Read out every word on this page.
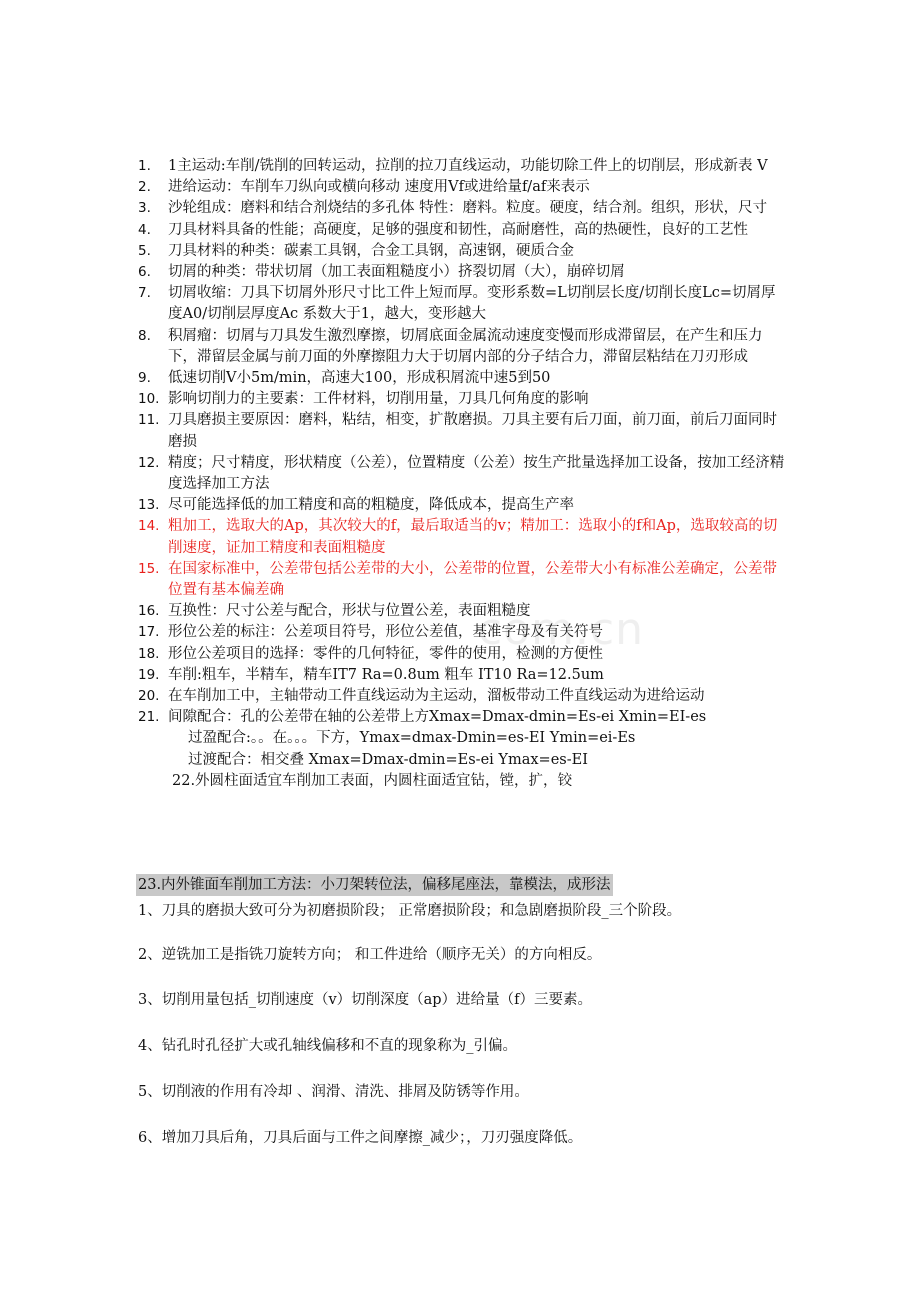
com.cn
1.	1主运动:车削/铣削的回转运动，拉削的拉刀直线运动，功能切除工件上的切削层，形成新表 V
2.	进给运动：车削车刀纵向或横向移动 速度用Vf或进给量f/af来表示
3.	沙轮组成：磨料和结合剂烧结的多孔体 特性：磨料。粒度。硬度，结合剂。组织，形状，尺寸
4.	刀具材料具备的性能；高硬度，足够的强度和韧性，高耐磨性，高的热硬性，良好的工艺性
5.	刀具材料的种类：碳素工具钢，合金工具钢，高速钢，硬质合金
6.	切屑的种类：带状切屑（加工表面粗糙度小）挤裂切屑（大），崩碎切屑
7.	切屑收缩：刀具下切屑外形尺寸比工件上短而厚。变形系数=L切削层长度/切削长度Lc=切屑厚度A0/切削层厚度Ac 系数大于1，越大，变形越大
8.	积屑瘤：切屑与刀具发生激烈摩擦，切屑底面金属流动速度变慢而形成滞留层，在产生和压力下，滞留层金属与前刀面的外摩擦阻力大于切屑内部的分子结合力，滞留层粘结在刀刃形成
9.	低速切削V小5m/min，高速大100，形成积屑流中速5到50
10. 影响切削力的主要素：工件材料，切削用量，刀具几何角度的影响
11. 刀具磨损主要原因：磨料，粘结，相变，扩散磨损。刀具主要有后刀面，前刀面，前后刀面同时磨损
12. 精度；尺寸精度，形状精度（公差），位置精度（公差）按生产批量选择加工设备，按加工经济精度选择加工方法
13. 尽可能选择低的加工精度和高的粗糙度，降低成本，提高生产率
14. 粗加工，选取大的Ap，其次较大的f，最后取适当的v；精加工：选取小的f和Ap，选取较高的切削速度，证加工精度和表面粗糙度
15. 在国家标准中，公差带包括公差带的大小，公差带的位置，公差带大小有标准公差确定，公差带位置有基本偏差确
16. 互换性：尺寸公差与配合，形状与位置公差，表面粗糙度
17. 形位公差的标注：公差项目符号，形位公差值，基准字母及有关符号
18. 形位公差项目的选择：零件的几何特征，零件的使用，检测的方便性
19. 车削:粗车，半精车，精车IT7 Ra=0.8um 粗车 IT10 Ra=12.5um
20. 在车削加工中，主轴带动工件直线运动为主运动，溜板带动工件直线运动为进给运动
21. 间隙配合：孔的公差带在轴的公差带上方Xmax=Dmax-dmin=Es-ei Xmin=EI-es
过盈配合:。。在。。。下方，Ymax=dmax-Dmin=es-EI Ymin=ei-Es
过渡配合：相交叠 Xmax=Dmax-dmin=Es-ei Ymax=es-EI
22.外圆柱面适宜车削加工表面，内圆柱面适宜钻，镗，扩，铰
23.内外锥面车削加工方法：小刀架转位法，偏移尾座法，靠模法，成形法
1、刀具的磨损大致可分为初磨损阶段； 正常磨损阶段；和急剧磨损阶段_三个阶段。
2、逆铣加工是指铣刀旋转方向； 和工件进给（顺序无关）的方向相反。
3、切削用量包括_切削速度（v）切削深度（ap）进给量（f）三要素。
4、钻孔时孔径扩大或孔轴线偏移和不直的现象称为_引偏。
5、切削液的作用有冷却 、润滑、清洗、排屑及防锈等作用。
6、增加刀具后角，刀具后面与工件之间摩擦_减少；，刀刃强度降低。
